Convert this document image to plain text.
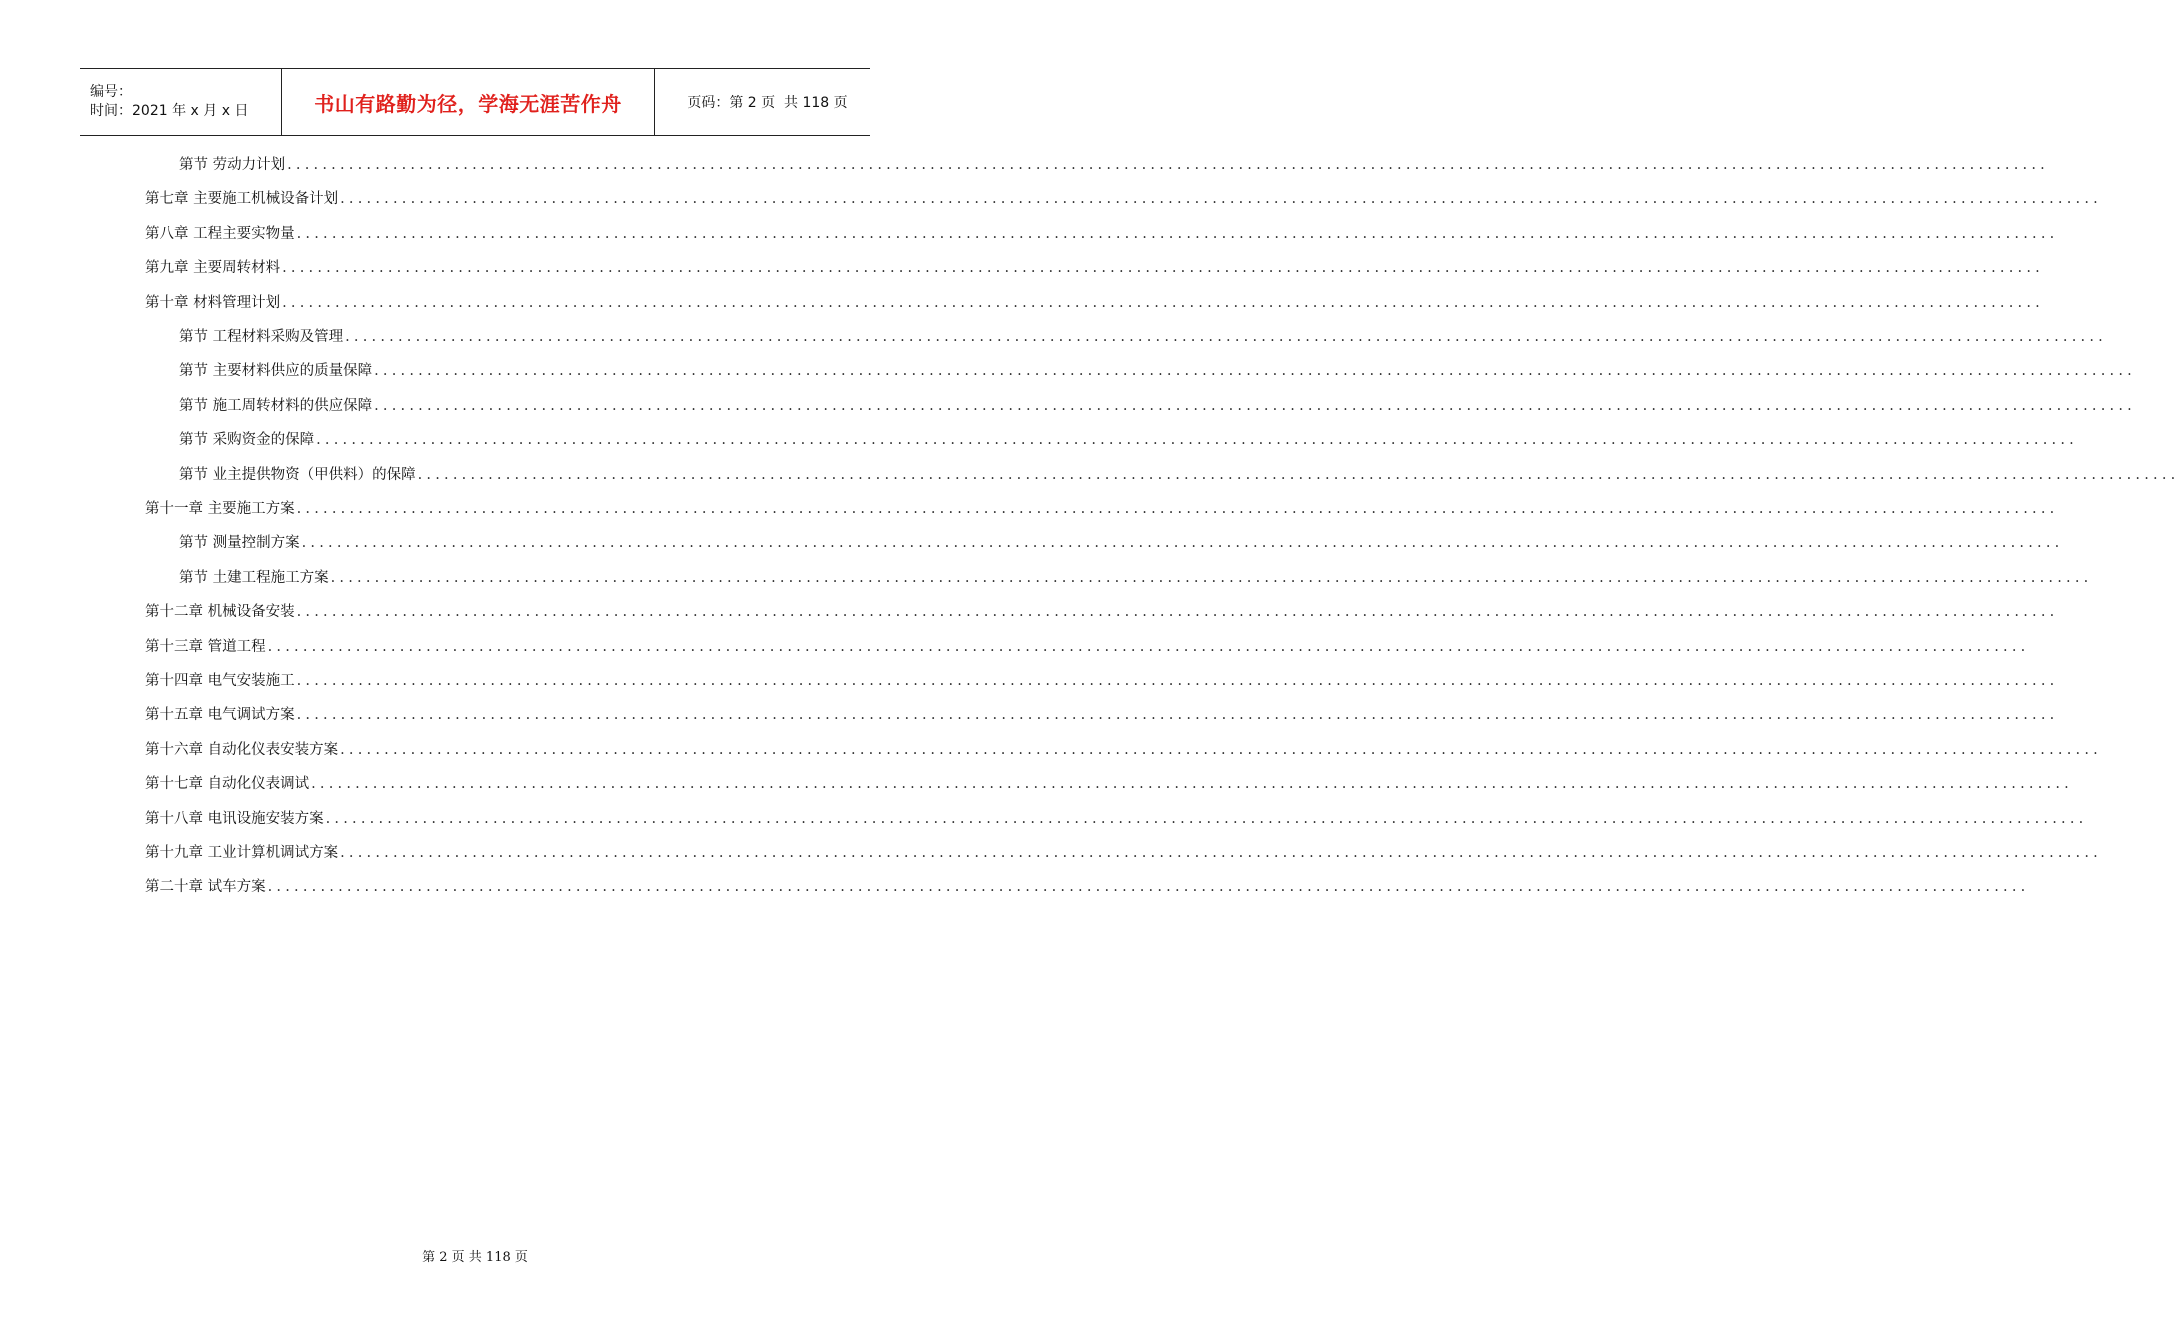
编号：
时间：2021 年 x 月 x 日	书山有路勤为径，学海无涯苦作舟	页码：第 2 页  共 118 页
第节 劳动力计划 ........................................................................................................................................................................................................
第七章 主要施工机械设备计划 ........................................................................................................................................................................................................
第八章 工程主要实物量 ........................................................................................................................................................................................................
第九章 主要周转材料 ........................................................................................................................................................................................................
第十章 材料管理计划 ........................................................................................................................................................................................................
第节 工程材料采购及管理 ........................................................................................................................................................................................................
第节 主要材料供应的质量保障 ........................................................................................................................................................................................................
第节 施工周转材料的供应保障 ........................................................................................................................................................................................................
第节 采购资金的保障 ........................................................................................................................................................................................................
第节 业主提供物资（甲供料）的保障 ........................................................................................................................................................................................................
第十一章 主要施工方案 ........................................................................................................................................................................................................
第节 测量控制方案 ........................................................................................................................................................................................................
第节 土建工程施工方案 ........................................................................................................................................................................................................
第十二章 机械设备安装 ........................................................................................................................................................................................................
第十三章 管道工程 ........................................................................................................................................................................................................
第十四章 电气安装施工 ........................................................................................................................................................................................................
第十五章 电气调试方案 ........................................................................................................................................................................................................
第十六章 自动化仪表安装方案 ........................................................................................................................................................................................................
第十七章 自动化仪表调试 ........................................................................................................................................................................................................
第十八章 电讯设施安装方案 ........................................................................................................................................................................................................
第十九章 工业计算机调试方案 ........................................................................................................................................................................................................
第二十章 试车方案 ........................................................................................................................................................................................................
第 2 页 共 118 页
